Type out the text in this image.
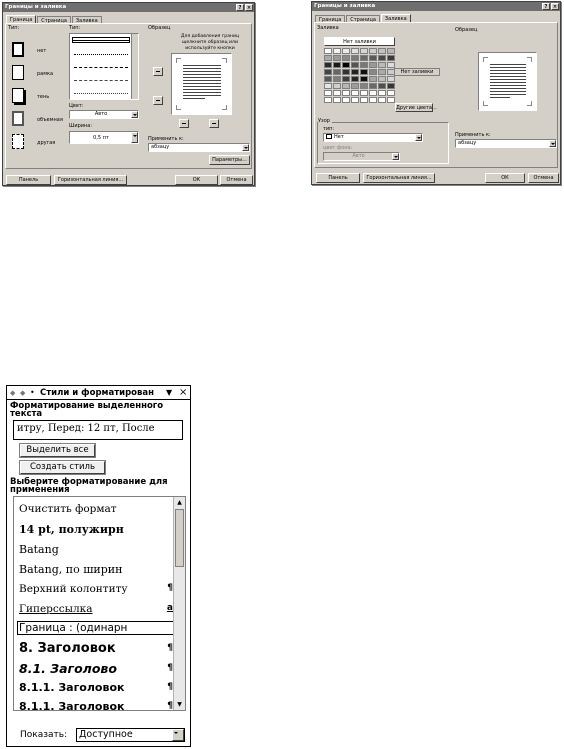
Границы и заливка	?	×
Граница	Страница	Заливка
Тип:
нет
рамка
тень
объемная
другая
Тип:
Цвет:
Авто
Ширина:
0,5 пт
Образец
Для добавления границ щелкните образец или используйте кнопки
Применить к:
абзацу
Параметры...
Панель	Горизонтальная линия...	ОК	Отмена
Границы и заливка	?	×
Граница	Страница	Заливка
Заливка
Нет заливки
Нет заливки
Другие цвета...
Узор
тип:
Нет
цвет фона:
Авто
Образец
Применить к:
абзацу
Панель	Горизонтальная линия...	ОК	Отмена
◆ ◆ • Стили и форматирован	▼ ×
Форматирование выделенного текста
итру, Перед: 12 пт, После
Выделить все
Создать стиль
Выберите форматирование для применения
Очистить формат
14 pt, полужирн
Batang
Batang, по ширин
Верхний колонтиту	¶
Гиперссылка	a
Граница : (одинарн
8. Заголовок	¶
8.1. Заголово	¶
8.1.1. Заголовок	¶
8.1.1. Заголовок	¶
▲
▼
Показать:	Доступное
